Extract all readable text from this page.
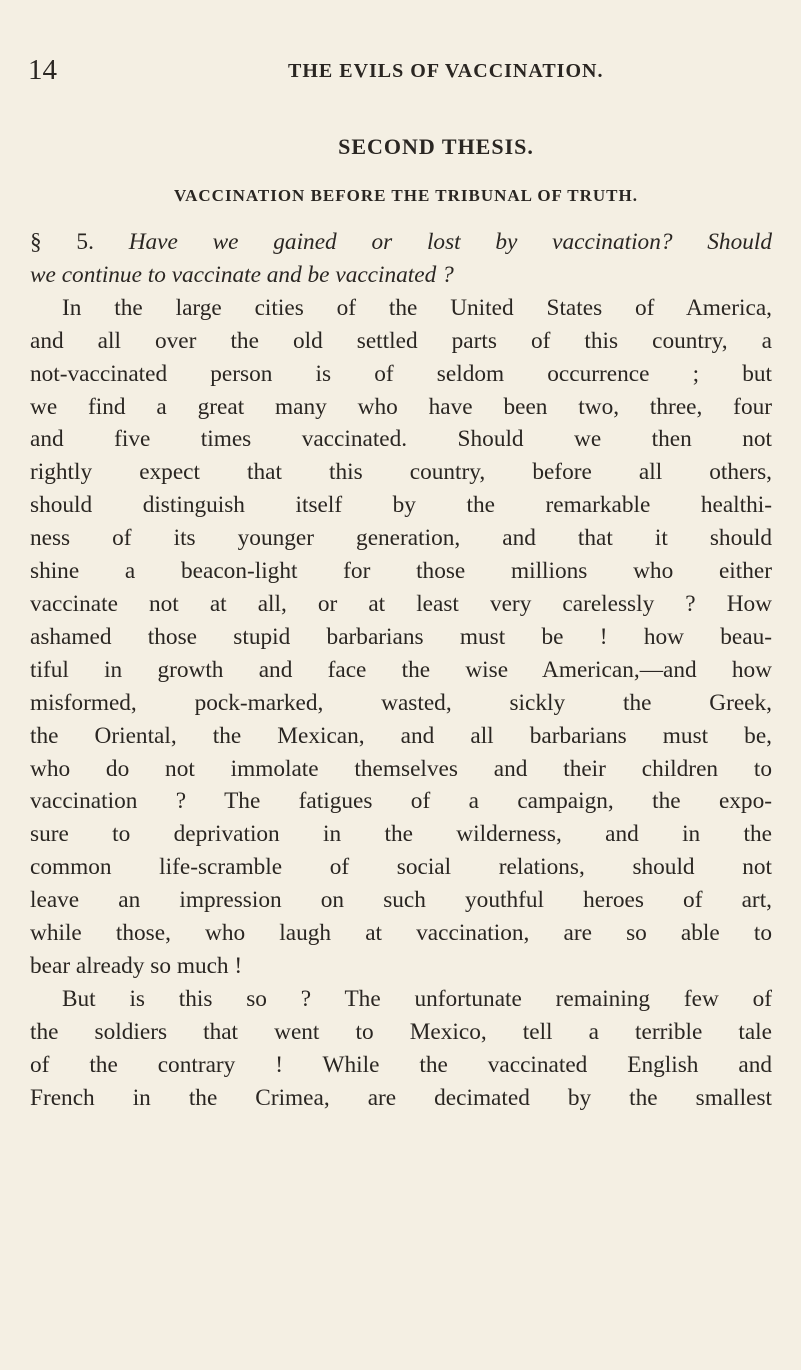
14	THE EVILS OF VACCINATION.
SECOND THESIS.
VACCINATION BEFORE THE TRIBUNAL OF TRUTH.

§ 5. Have we gained or lost by vaccination? Should
we continue to vaccinate and be vaccinated ?

In the large cities of the United States of America,
and all over the old settled parts of this country, a
not-vaccinated person is of seldom occurrence ; but
we find a great many who have been two, three, four
and five times vaccinated. Should we then not
rightly expect that this country, before all others,
should distinguish itself by the remarkable healthi-
ness of its younger generation, and that it should
shine a beacon-light for those millions who either
vaccinate not at all, or at least very carelessly ? How
ashamed those stupid barbarians must be ! how beau-
tiful in growth and face the wise American,—and how
misformed, pock-marked, wasted, sickly the Greek,
the Oriental, the Mexican, and all barbarians must be,
who do not immolate themselves and their children to
vaccination ? The fatigues of a campaign, the expo-
sure to deprivation in the wilderness, and in the
common life-scramble of social relations, should not
leave an impression on such youthful heroes of art,
while those, who laugh at vaccination, are so able to
bear already so much !

But is this so ? The unfortunate remaining few of
the soldiers that went to Mexico, tell a terrible tale
of the contrary ! While the vaccinated English and
French in the Crimea, are decimated by the smallest
